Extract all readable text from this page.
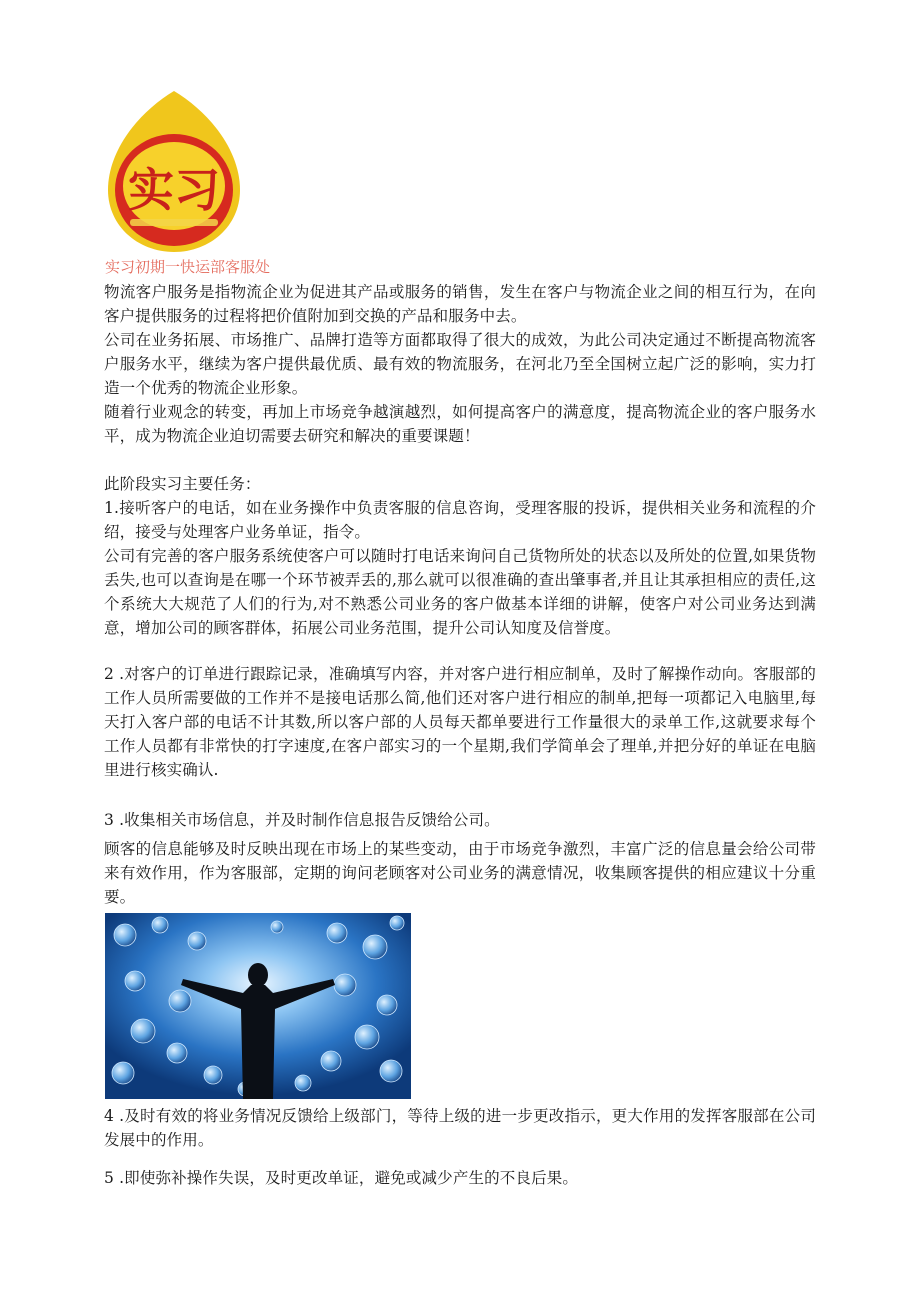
实习
实习初期一快运部客服处

物流客户服务是指物流企业为促进其产品或服务的销售，发生在客户与物流企业之间的相互行为，在向客户提供服务的过程将把价值附加到交换的产品和服务中去。

公司在业务拓展、市场推广、品牌打造等方面都取得了很大的成效，为此公司决定通过不断提高物流客户服务水平，继续为客户提供最优质、最有效的物流服务，在河北乃至全国树立起广泛的影响，实力打造一个优秀的物流企业形象。

随着行业观念的转变，再加上市场竞争越演越烈，如何提高客户的满意度，提高物流企业的客户服务水平，成为物流企业迫切需要去研究和解决的重要课题！

此阶段实习主要任务：

1.接听客户的电话，如在业务操作中负责客服的信息咨询，受理客服的投诉，提供相关业务和流程的介绍，接受与处理客户业务单证，指令。

公司有完善的客户服务系统使客户可以随时打电话来询问自己货物所处的状态以及所处的位置,如果货物丢失,也可以查询是在哪一个环节被弄丢的,那么就可以很准确的查出肇事者,并且让其承担相应的责任,这个系统大大规范了人们的行为,对不熟悉公司业务的客户做基本详细的讲解，使客户对公司业务达到满意，增加公司的顾客群体，拓展公司业务范围，提升公司认知度及信誉度。

2 .对客户的订单进行跟踪记录，准确填写内容，并对客户进行相应制单，及时了解操作动向。客服部的工作人员所需要做的工作并不是接电话那么简,他们还对客户进行相应的制单,把每一项都记入电脑里,每天打入客户部的电话不计其数,所以客户部的人员每天都单要进行工作量很大的录单工作,这就要求每个工作人员都有非常快的打字速度,在客户部实习的一个星期,我们学简单会了理单,并把分好的单证在电脑里进行核实确认.

3 .收集相关市场信息，并及时制作信息报告反馈给公司。

顾客的信息能够及时反映出现在市场上的某些变动，由于市场竞争激烈，丰富广泛的信息量会给公司带来有效作用，作为客服部，定期的询问老顾客对公司业务的满意情况，收集顾客提供的相应建议十分重要。

4 .及时有效的将业务情况反馈给上级部门，等待上级的进一步更改指示，更大作用的发挥客服部在公司发展中的作用。

5 .即使弥补操作失误，及时更改单证，避免或减少产生的不良后果。
